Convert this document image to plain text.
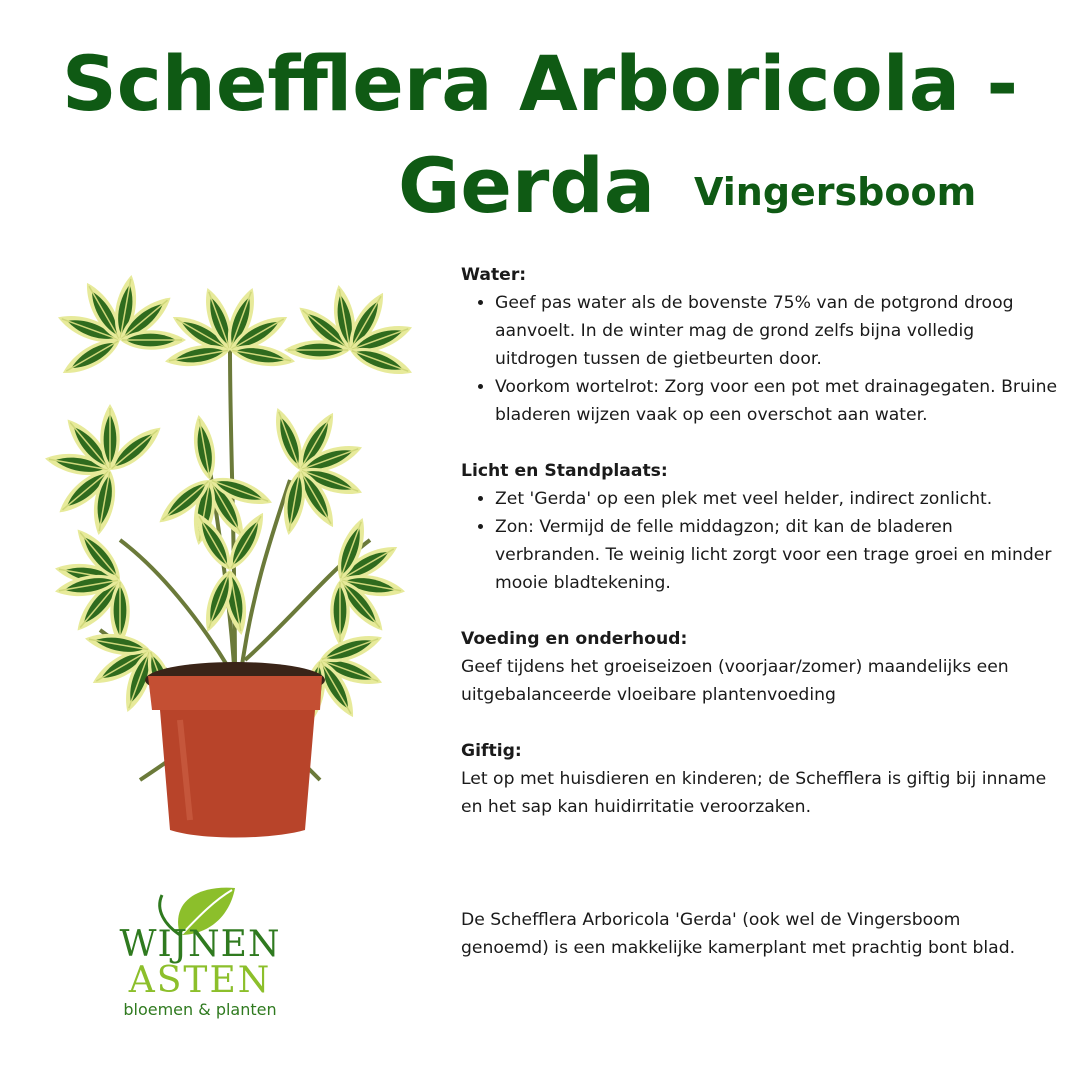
Schefflera Arboricola -
Gerda Vingersboom
WIJNEN
ASTEN
bloemen & planten
Water:
• Geef pas water als de bovenste 75% van de potgrond droog aanvoelt. In de winter mag de grond zelfs bijna volledig uitdrogen tussen de gietbeurten door.
• Voorkom wortelrot: Zorg voor een pot met drainagegaten. Bruine bladeren wijzen vaak op een overschot aan water.
Licht en Standplaats:
• Zet 'Gerda' op een plek met veel helder, indirect zonlicht.
• Zon: Vermijd de felle middagzon; dit kan de bladeren verbranden. Te weinig licht zorgt voor een trage groei en minder mooie bladtekening.
Voeding en onderhoud:

Geef tijdens het groeiseizoen (voorjaar/zomer) maandelijks een uitgebalanceerde vloeibare plantenvoeding

Giftig:

Let op met huisdieren en kinderen; de Schefflera is giftig bij inname en het sap kan huidirritatie veroorzaken.

De Schefflera Arboricola 'Gerda' (ook wel de Vingersboom genoemd) is een makkelijke kamerplant met prachtig bont blad.
